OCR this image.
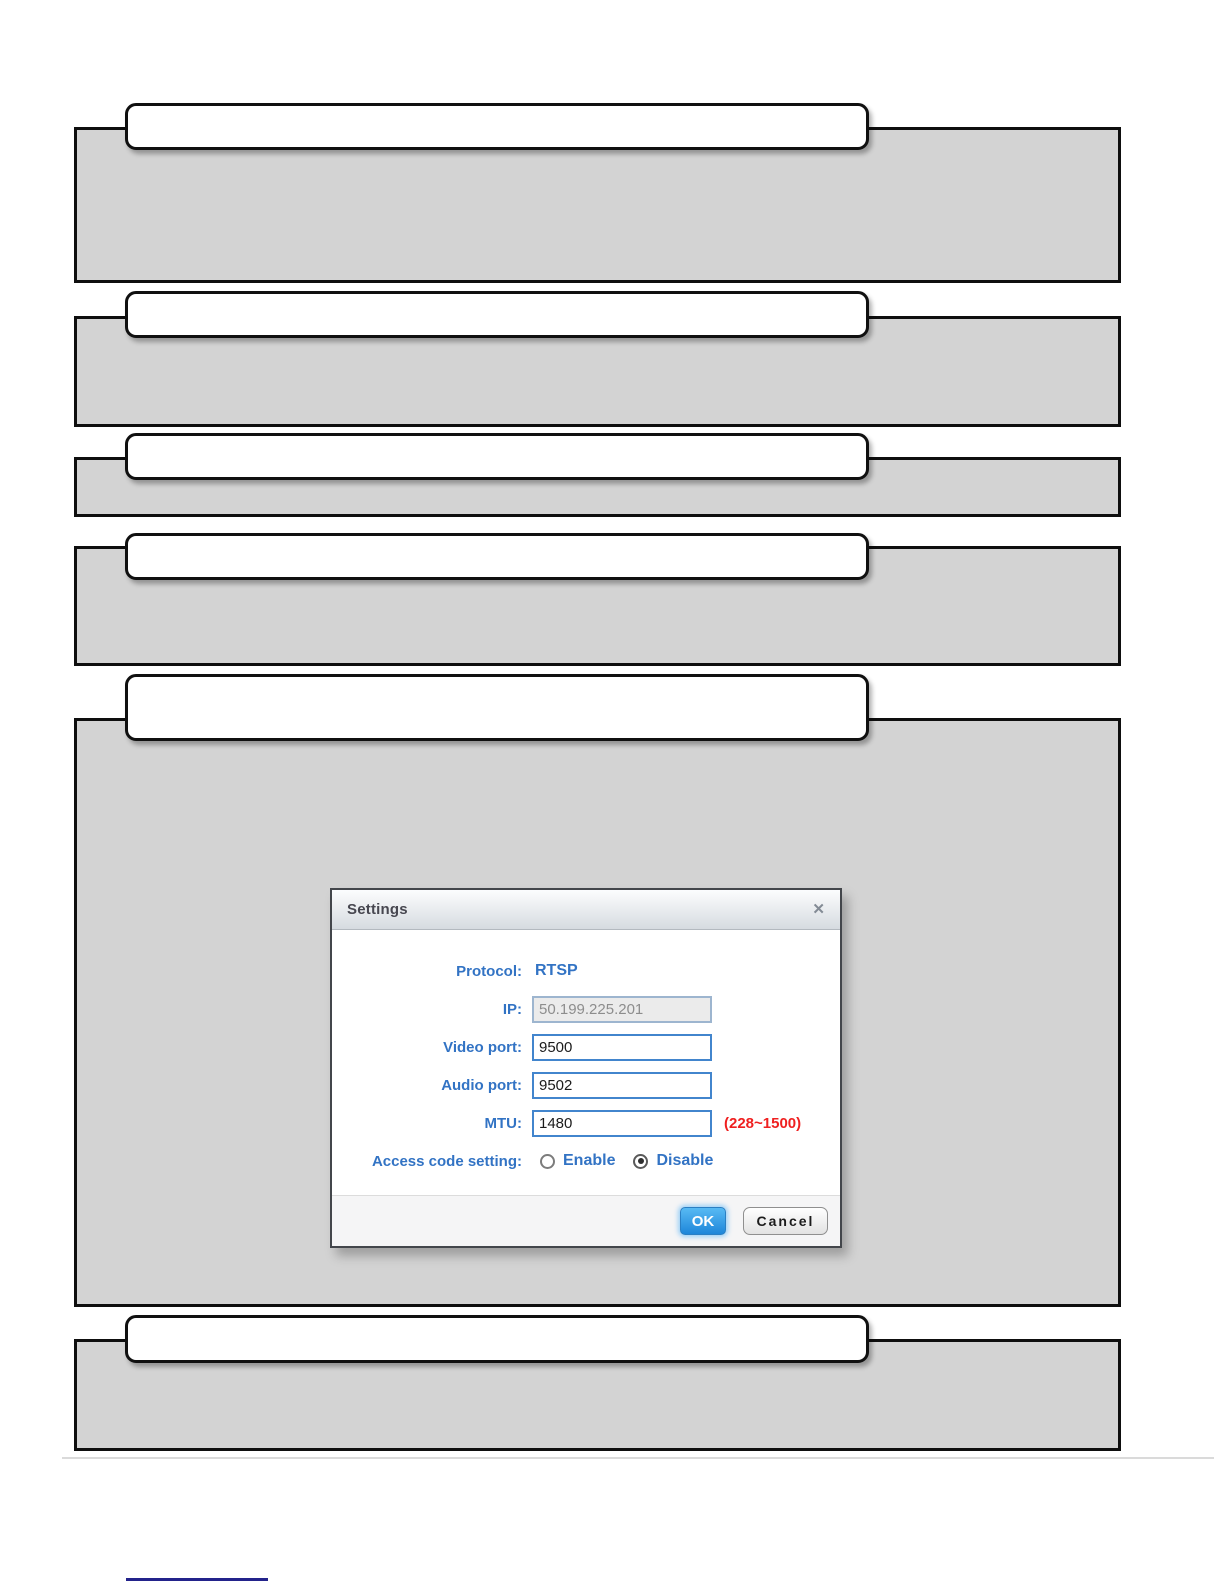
Settings	✕
Protocol: RTSP
IP:
50.199.225.201
Video port:
9500
Audio port:
9502
MTU:
1480	(228~1500)
Access code setting:	Enable	Disable
OK	Cancel
